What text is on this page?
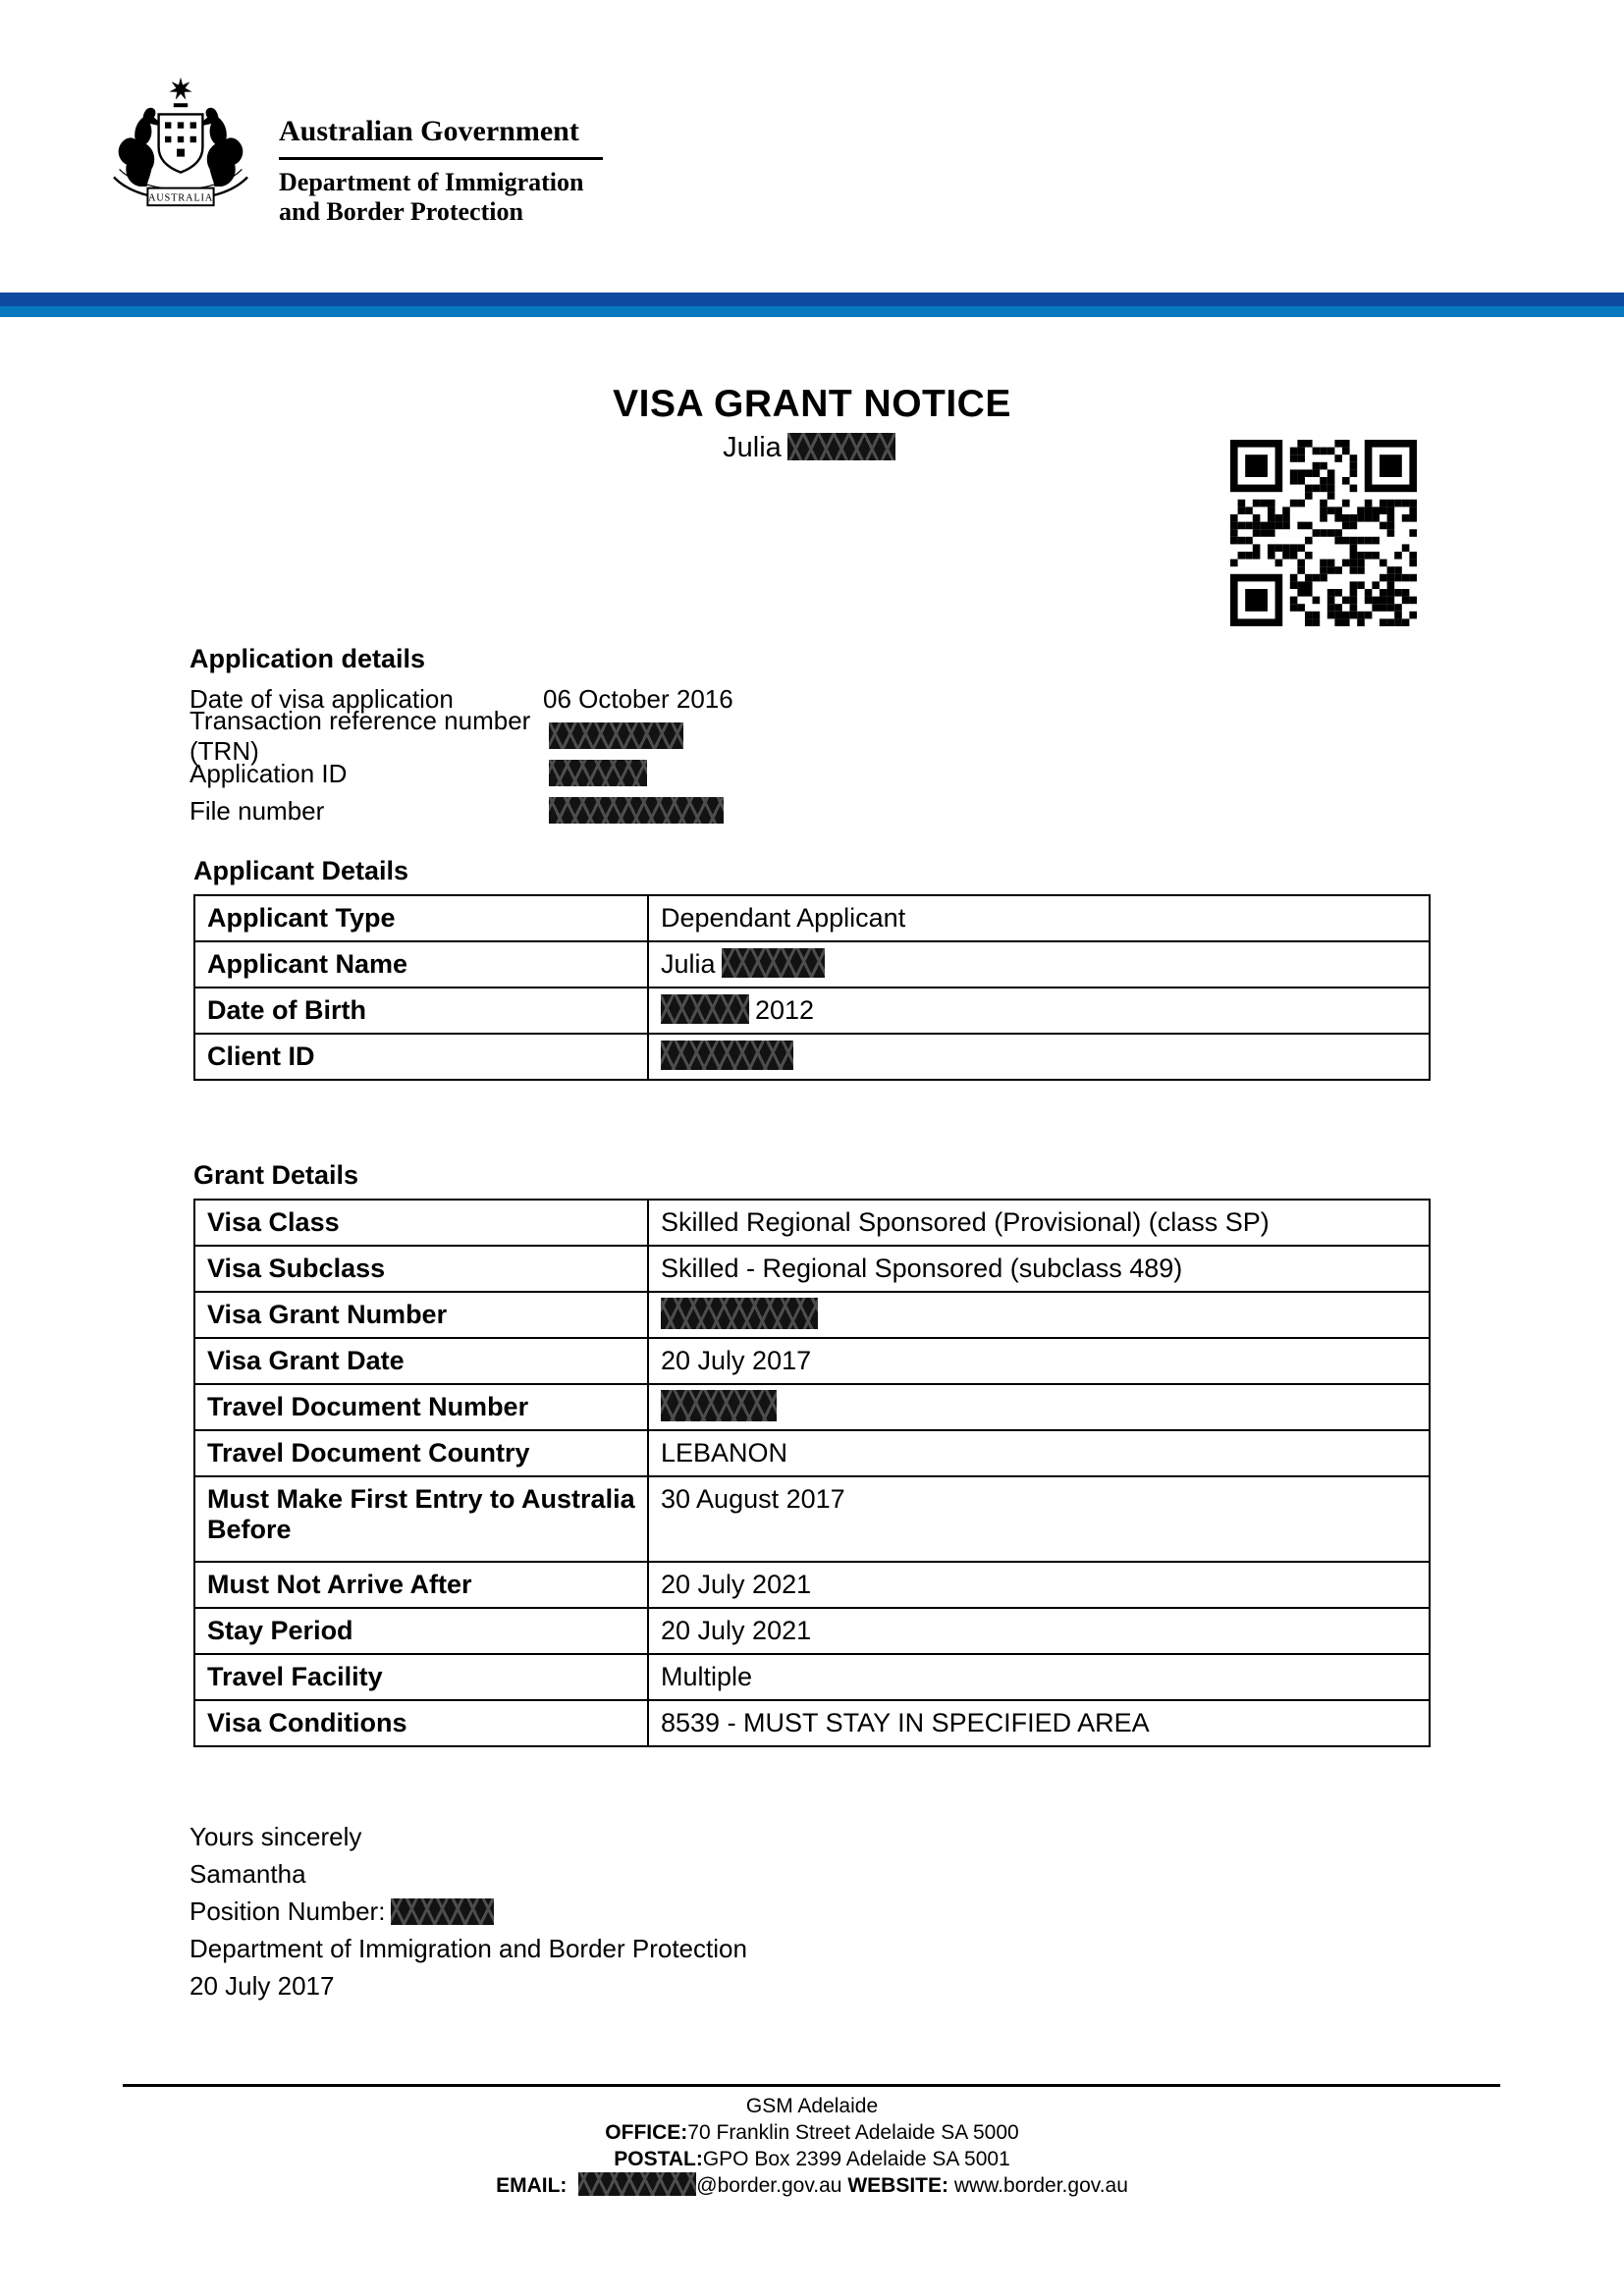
AUSTRALIA
Australian Government
Department of Immigration
and Border Protection
VISA GRANT NOTICE
Julia
Application details
Date of visa application	06 October 2016
Transaction reference number (TRN)
Application ID
File number
Applicant Details
Applicant Type	Dependant Applicant
Applicant Name	Julia
Date of Birth	2012
Client ID	
Grant Details
Visa Class	Skilled Regional Sponsored (Provisional) (class SP)
Visa Subclass	Skilled - Regional Sponsored (subclass 489)
Visa Grant Number	
Visa Grant Date	20 July 2017
Travel Document Number	
Travel Document Country	LEBANON
Must Make First Entry to Australia Before	30 August 2017
Must Not Arrive After	20 July 2021
Stay Period	20 July 2021
Travel Facility	Multiple
Visa Conditions	8539 - MUST STAY IN SPECIFIED AREA
Yours sincerely
Samantha
Position Number:
Department of Immigration and Border Protection
20 July 2017
GSM Adelaide
OFFICE:70 Franklin Street Adelaide SA 5000
POSTAL:GPO Box 2399 Adelaide SA 5001
EMAIL:	@border.gov.au WEBSITE: www.border.gov.au
